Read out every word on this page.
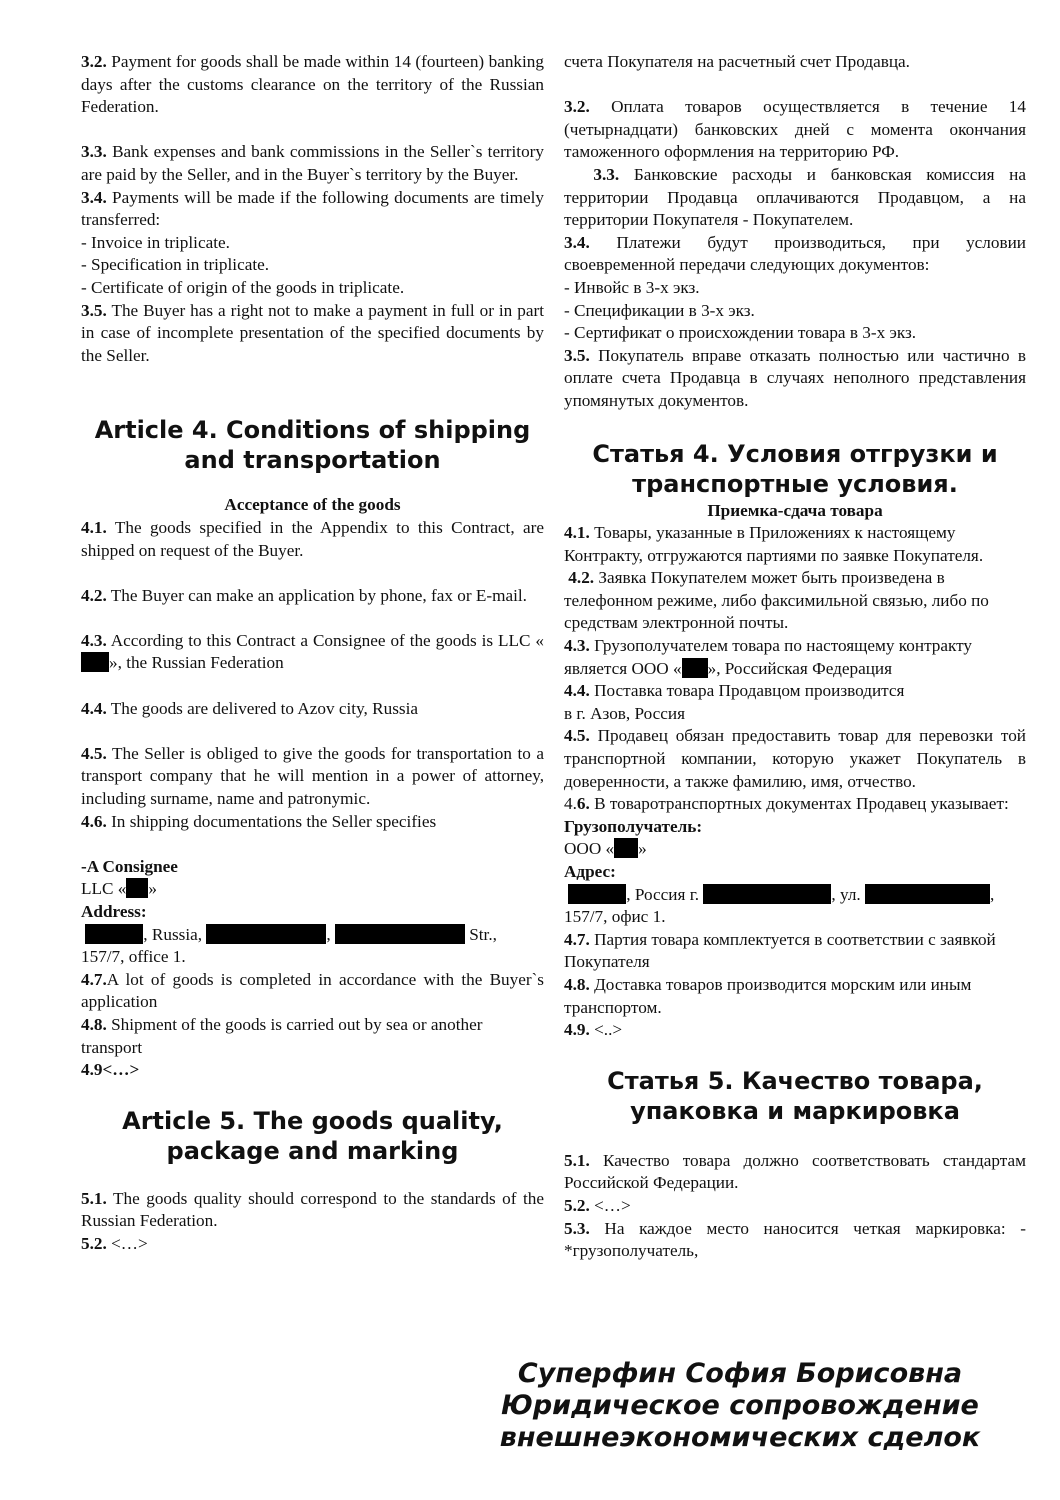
3.2. Payment for goods shall be made within 14 (fourteen) banking days after the customs clearance on the territory of the Russian Federation.

3.3. Bank expenses and bank commissions in the Seller`s territory are paid by the Seller, and in the Buyer`s territory by the Buyer.

3.4. Payments will be made if the following documents are timely transferred:

- Invoice in triplicate.

- Specification in triplicate.

- Certificate of origin of the goods in triplicate.

3.5. The Buyer has a right not to make a payment in full or in part in case of incomplete presentation of the specified documents by the Seller.

Article 4. Conditions of shipping and transportation

Acceptance of the goods

4.1. The goods specified in the Appendix to this Contract, are shipped on request of the Buyer.

4.2. The Buyer can make an application by phone, fax or E-mail.

4.3. According to this Contract a Consignee of the goods is LLC «», the Russian Federation

4.4. The goods are delivered to Azov city, Russia

4.5. The Seller is obliged to give the goods for transportation to a transport company that he will mention in a power of attorney, including surname, name and patronymic.

4.6. In shipping documentations the Seller specifies

-A Consignee

LLC « »

Address:

, Russia,	,	Str.,

157/7, office 1.

4.7.A lot of goods is completed in accordance with the Buyer`s application

4.8. Shipment of the goods is carried out by sea or another transport

4.9<…>

Article 5. The goods quality, package and marking

5.1. The goods quality should correspond to the standards of the Russian Federation.

5.2. <…>

счета Покупателя на расчетный счет Продавца.

3.2. Оплата товаров осуществляется в течение 14 (четырнадцати) банковских дней с момента окончания таможенного оформления на территорию РФ.

3.3. Банковские расходы и банковская комиссия на территории Продавца оплачиваются Продавцом, а на территории Покупателя - Покупателем.

3.4. Платежи будут производиться, при условии своевременной передачи следующих документов:

- Инвойс в 3-х экз.

- Спецификации в 3-х экз.

- Сертификат о происхождении товара в 3-х экз.

3.5. Покупатель вправе отказать полностью или частично в оплате счета Продавца в случаях неполного представления упомянутых документов.

Статья 4. Условия отгрузки и транспортные условия.

Приемка-сдача товара

4.1. Товары, указанные в Приложениях к настоящему Контракту, отгружаются партиями по заявке Покупателя.

4.2. Заявка Покупателем может быть произведена в телефонном режиме, либо факсимильной связью, либо по средствам электронной почты.

4.3. Грузополучателем товара по настоящему контракту является ООО « », Российская Федерация

4.4. Поставка товара Продавцом производится

в г. Азов, Россия

4.5. Продавец обязан предоставить товар для перевозки той транспортной компании, которую укажет Покупатель в доверенности, а также фамилию, имя, отчество.

4.6. В товаротранспортных документах Продавец указывает:

Грузополучатель:

ООО « »

Адрес:

, Россия г.	, ул.	,

157/7, офис 1.

4.7. Партия товара комплектуется в соответствии с заявкой Покупателя

4.8. Доставка товаров производится морским или иным транспортом.

4.9. <..>

Статья 5. Качество товара, упаковка и маркировка

5.1. Качество товара должно соответствовать стандартам Российской Федерации.

5.2. <…>

5.3. На каждое место наносится четкая маркировка: -*грузополучатель,

Суперфин София Борисовна
Юридическое сопровождение
внешнеэкономических сделок
